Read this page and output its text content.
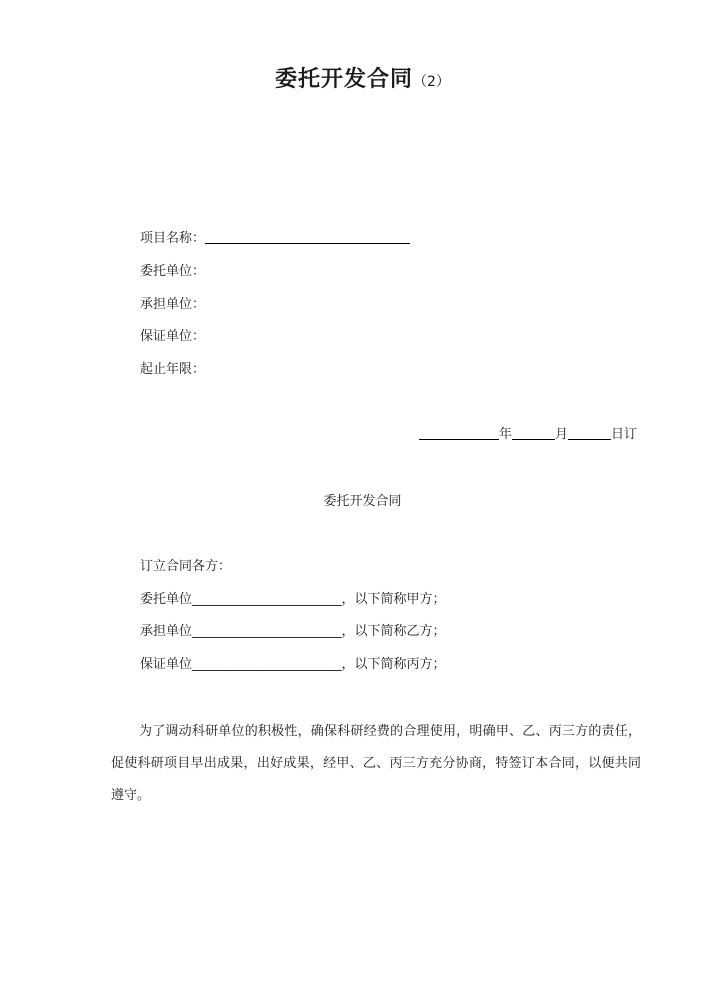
委托开发合同（2）
项目名称：
委托单位：
承担单位：
保证单位：
起止年限：
年	月	日订
委托开发合同
订立合同各方：
委托单位_______________________，以下简称甲方；
承担单位_______________________，以下简称乙方；
保证单位_______________________，以下简称丙方；
为了调动科研单位的积极性，确保科研经费的合理使用，明确甲、乙、丙三方的责任，促使科研项目早出成果，出好成果，经甲、乙、丙三方充分协商，特签订本合同，以便共同遵守。
